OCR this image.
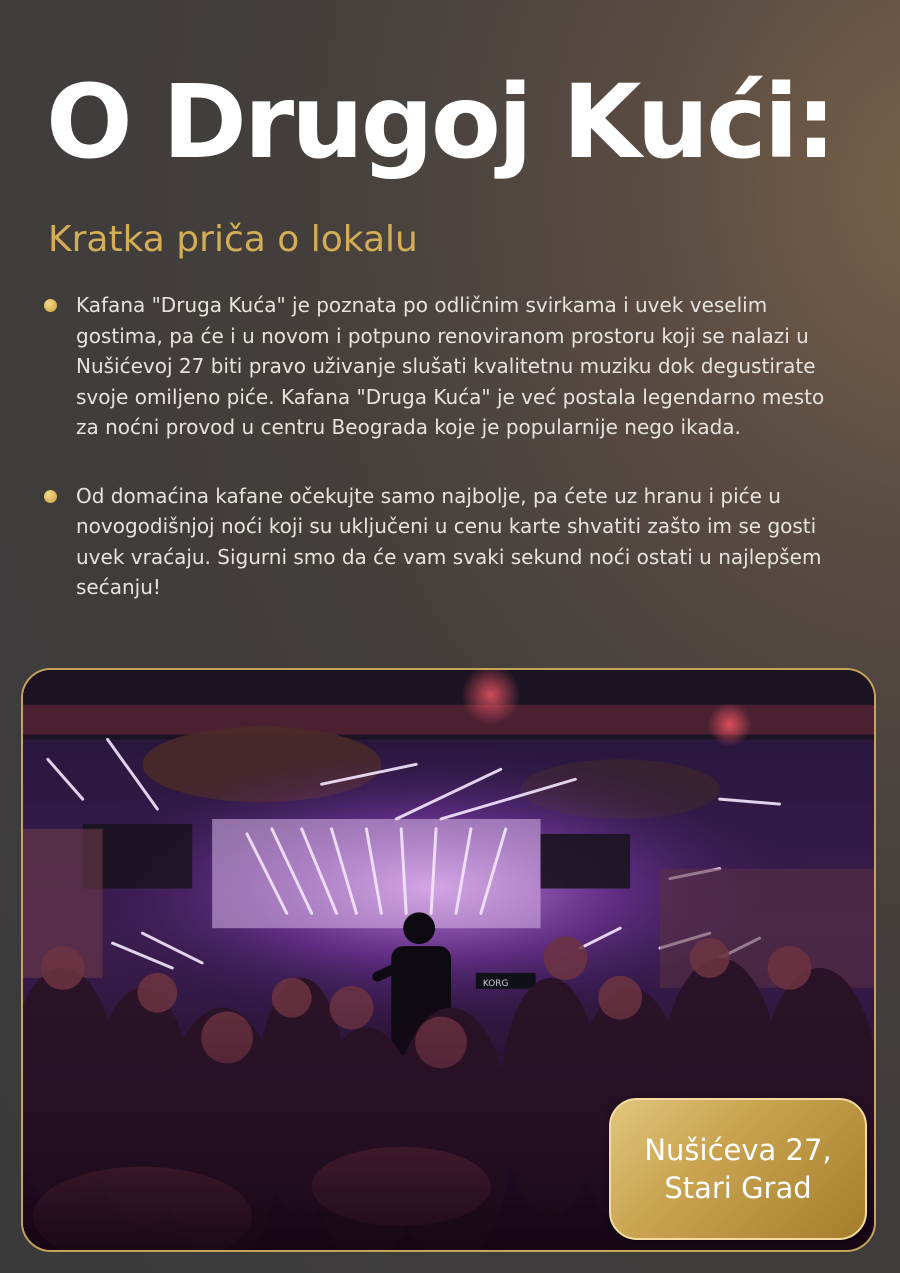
O Drugoj Kući:
Kratka priča o lokalu
Kafana "Druga Kuća" je poznata po odličnim svirkama i uvek veselim gostima, pa će i u novom i potpuno renoviranom prostoru koji se nalazi u Nušićevoj 27 biti pravo uživanje slušati kvalitetnu muziku dok degustirate svoje omiljeno piće. Kafana "Druga Kuća" je već postala legendarno mesto za noćni provod u centru Beograda koje je popularnije nego ikada.
Od domaćina kafane očekujte samo najbolje, pa ćete uz hranu i piće u novogodišnjoj noći koji su uključeni u cenu karte shvatiti zašto im se gosti uvek vraćaju. Sigurni smo da će vam svaki sekund noći ostati u najlepšem sećanju!
KORG
Nušićeva 27,
Stari Grad
